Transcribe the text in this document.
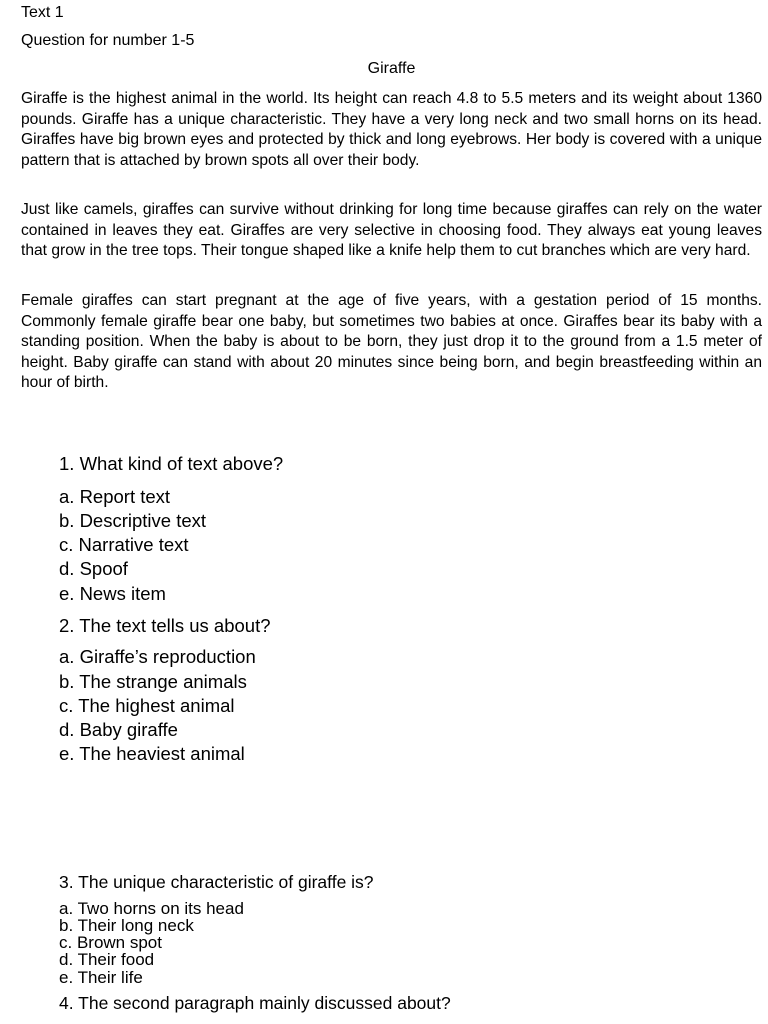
Text 1
Question for number 1-5
Giraffe
Giraffe is the highest animal in the world. Its height can reach 4.8 to 5.5 meters and its weight about 1360 pounds. Giraffe has a unique characteristic. They have a very long neck and two small horns on its head. Giraffes have big brown eyes and protected by thick and long eyebrows. Her body is covered with a unique pattern that is attached by brown spots all over their body.
Just like camels, giraffes can survive without drinking for long time because giraffes can rely on the water contained in leaves they eat. Giraffes are very selective in choosing food. They always eat young leaves that grow in the tree tops. Their tongue shaped like a knife help them to cut branches which are very hard.
Female giraffes can start pregnant at the age of five years, with a gestation period of 15 months. Commonly female giraffe bear one baby, but sometimes two babies at once. Giraffes bear its baby with a standing position. When the baby is about to be born, they just drop it to the ground from a 1.5 meter of height. Baby giraffe can stand with about 20 minutes since being born, and begin breastfeeding within an hour of birth.
1. What kind of text above?
a. Report text
b. Descriptive text
c. Narrative text
d. Spoof
e. News item
2. The text tells us about?
a. Giraffe’s reproduction
b. The strange animals
c. The highest animal
d. Baby giraffe
e. The heaviest animal
3. The unique characteristic of giraffe is?
a. Two horns on its head
b. Their long neck
c. Brown spot
d. Their food
e. Their life
4. The second paragraph mainly discussed about?
